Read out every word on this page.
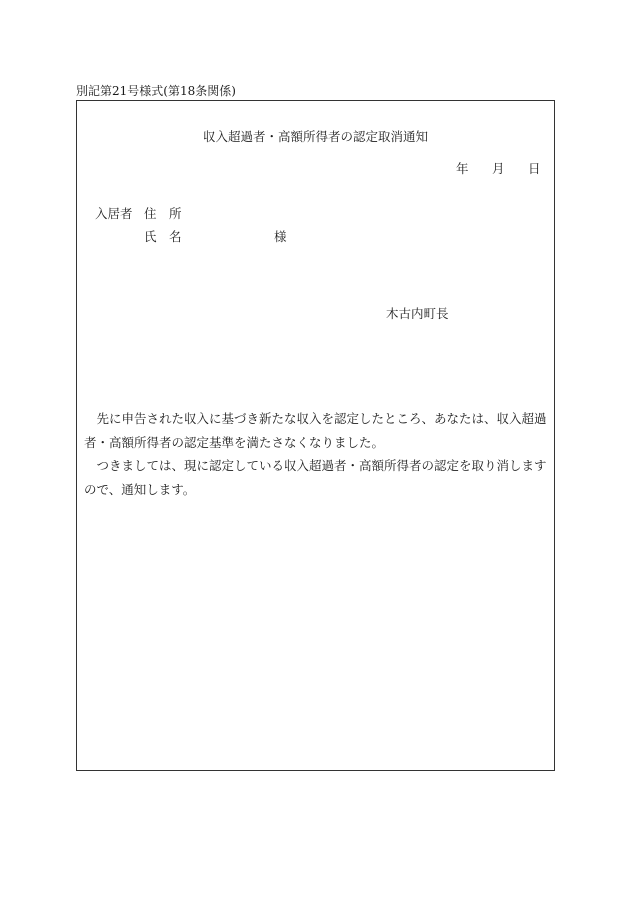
別記第21号様式(第18条関係)
収入超過者・高額所得者の認定取消通知
年 月 日
入居者 住　所
氏　名	様
木古内町長

先に申告された収入に基づき新たな収入を認定したところ、あなたは、収入超過者・高額所得者の認定基準を満たさなくなりました。

つきましては、現に認定している収入超過者・高額所得者の認定を取り消しますので、通知します。
